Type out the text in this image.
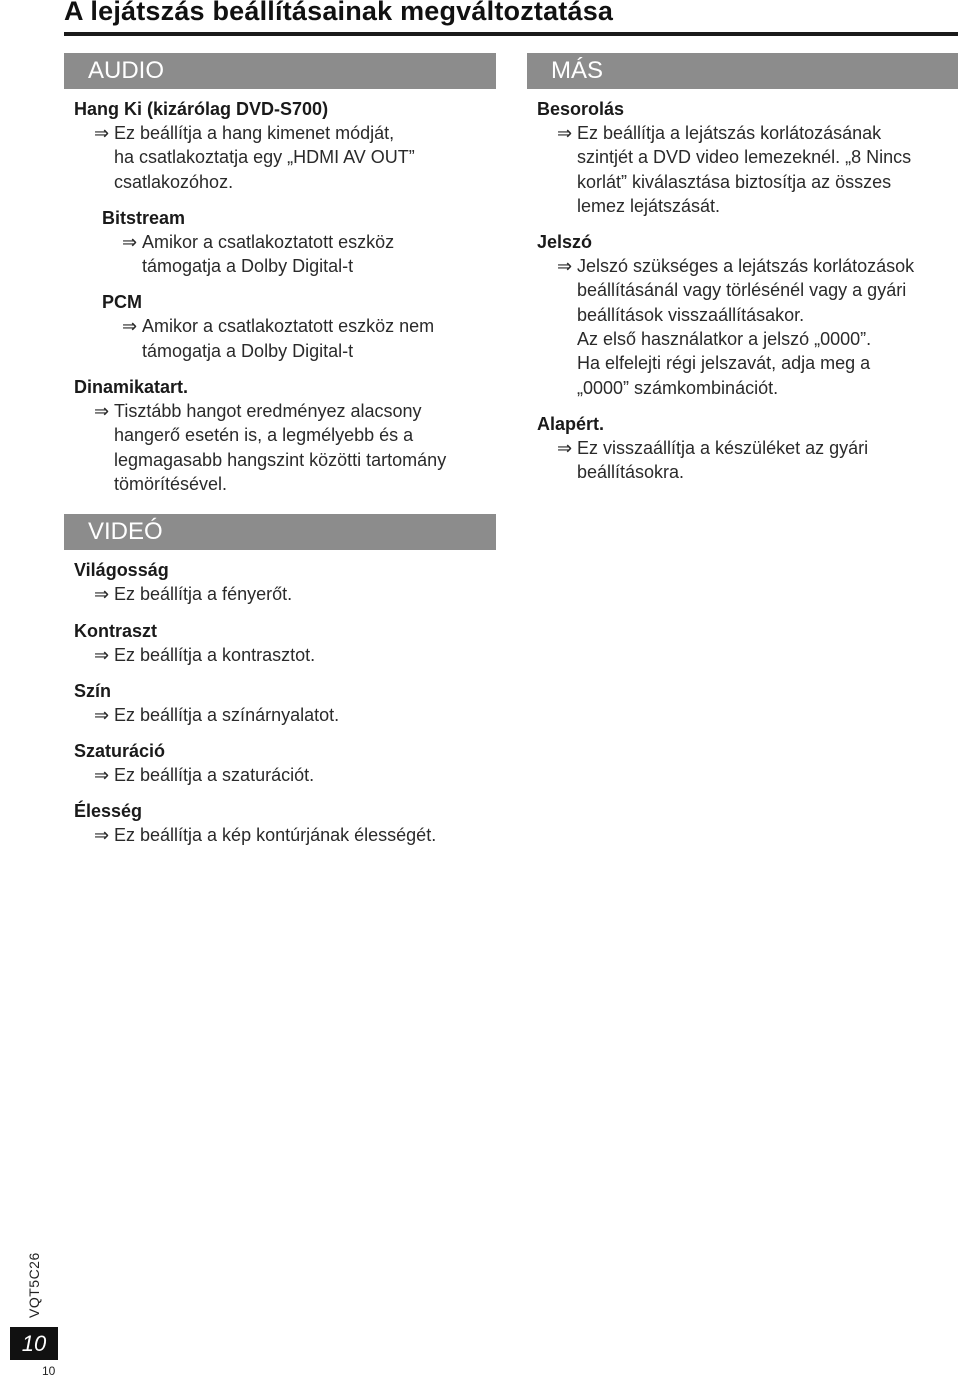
A lejátszás beállításainak megváltoztatása
AUDIO
Hang Ki (kizárólag DVD-S700)
⇒ Ez beállítja a hang kimenet módját,
ha csatlakoztatja egy „HDMI AV OUT”
csatlakozóhoz.
Bitstream
⇒ Amikor a csatlakoztatott eszköz
támogatja a Dolby Digital-t
PCM
⇒ Amikor a csatlakoztatott eszköz nem
támogatja a Dolby Digital-t
Dinamikatart.
⇒ Tisztább hangot eredményez alacsony
hangerő esetén is, a legmélyebb és a
legmagasabb hangszint közötti tartomány
tömörítésével.
VIDEÓ
Világosság
⇒ Ez beállítja a fényerőt.
Kontraszt
⇒ Ez beállítja a kontrasztot.
Szín
⇒ Ez beállítja a színárnyalatot.
Szaturáció
⇒ Ez beállítja a szaturációt.
Élesség
⇒ Ez beállítja a kép kontúrjának élességét.
MÁS
Besorolás
⇒ Ez beállítja a lejátszás korlátozásának
szintjét a DVD video lemezeknél. „8 Nincs
korlát” kiválasztása biztosítja az összes
lemez lejátszását.
Jelszó
⇒ Jelszó szükséges a lejátszás korlátozások
beállításánál vagy törlésénél vagy a gyári
beállítások visszaállításakor.
Az első használatkor a jelszó „0000”.
Ha elfelejti régi jelszavát, adja meg a
„0000” számkombinációt.
Alapért.
⇒ Ez visszaállítja a készüléket az gyári
beállításokra.
VQT5C26
10
10
